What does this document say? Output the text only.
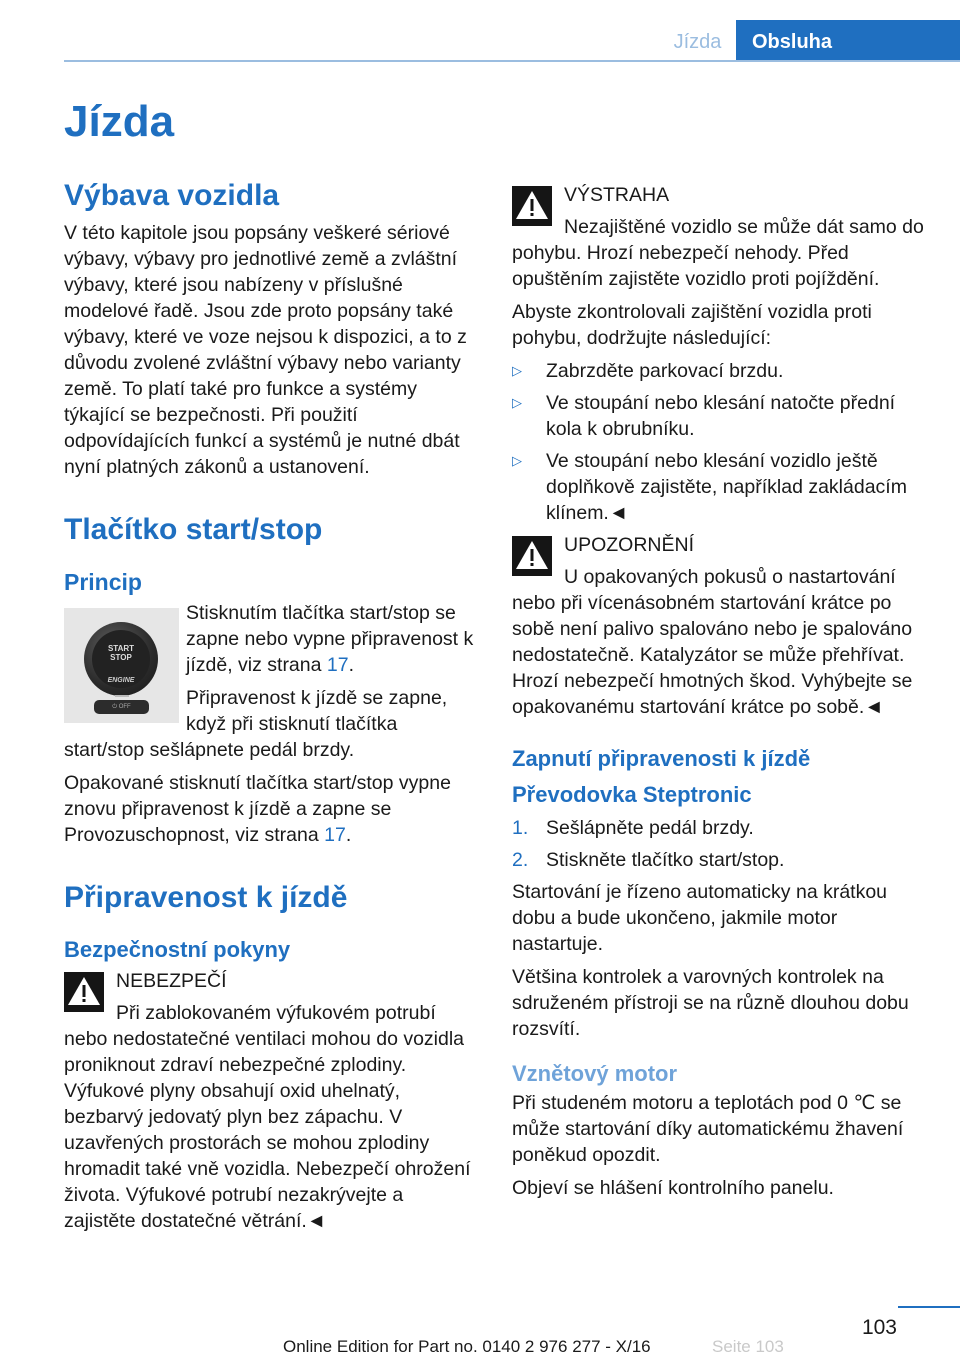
Jízda	Obsluha
Jízda
Výbava vozidla

V této kapitole jsou popsány veškeré sériové výbavy, výbavy pro jednotlivé země a zvláštní výbavy, které jsou nabízeny v příslušné modelové řadě. Jsou zde proto popsány také výbavy, které ve voze nejsou k dispozici, a to z důvodu zvolené zvláštní výbavy nebo varianty země. To platí také pro funkce a systémy týkající se bezpečnosti. Při použití odpovídajících funkcí a systémů je nutné dbát nyní platných zákonů a ustanovení.

Tlačítko start/stop
Princip
START
STOP
ENGINE
⏻ OFF

Stisknutím tlačítka start/stop se zapne nebo vypne připravenost k jízdě, viz strana 17.

Připravenost k jízdě se zapne, když při stisknutí tlačítka start/stop sešlápnete pedál brzdy.

Opakované stisknutí tlačítka start/stop vypne znovu připravenost k jízdě a zapne se Provozuschopnost, viz strana 17.

Připravenost k jízdě
Bezpečnostní pokyny

NEBEZPEČÍ

Při zablokovaném výfukovém potrubí nebo nedostatečné ventilaci mohou do vozidla proniknout zdraví nebezpečné zplodiny. Výfukové plyny obsahují oxid uhelnatý, bezbarvý jedovatý plyn bez zápachu. V uzavřených prostorách se mohou zplodiny hromadit také vně vozidla. Nebezpečí ohrožení života. Výfukové potrubí nezakrývejte a zajistěte dostatečné větrání.◄

VÝSTRAHA

Nezajištěné vozidlo se může dát samo do pohybu. Hrozí nebezpečí nehody. Před opuštěním zajistěte vozidlo proti pojíždění.

Abyste zkontrolovali zajištění vozidla proti pohybu, dodržujte následující:

▷ Zabrzděte parkovací brzdu.
▷ Ve stoupání nebo klesání natočte přední kola k obrubníku.
▷ Ve stoupání nebo klesání vozidlo ještě doplňkově zajistěte, například zakládacím klínem.◄

UPOZORNĚNÍ

U opakovaných pokusů o nastartování nebo při vícenásobném startování krátce po sobě není palivo spalováno nebo je spalováno nedostatečně. Katalyzátor se může přehřívat. Hrozí nebezpečí hmotných škod. Vyhýbejte se opakovanému startování krátce po sobě.◄

Zapnutí připravenosti k jízdě
Převodovka Steptronic
1. Sešlápněte pedál brzdy.
2. Stiskněte tlačítko start/stop.

Startování je řízeno automaticky na krátkou dobu a bude ukončeno, jakmile motor nastartuje.

Většina kontrolek a varovných kontrolek na sdruženém přístroji se na různě dlouhou dobu rozsvítí.

Vznětový motor

Při studeném motoru a teplotách pod 0 ℃ se může startování díky automatickému žhavení poněkud opozdit.

Objeví se hlášení kontrolního panelu.

103
Online Edition for Part no. 0140 2 976 277 - X/16	Seite 103
